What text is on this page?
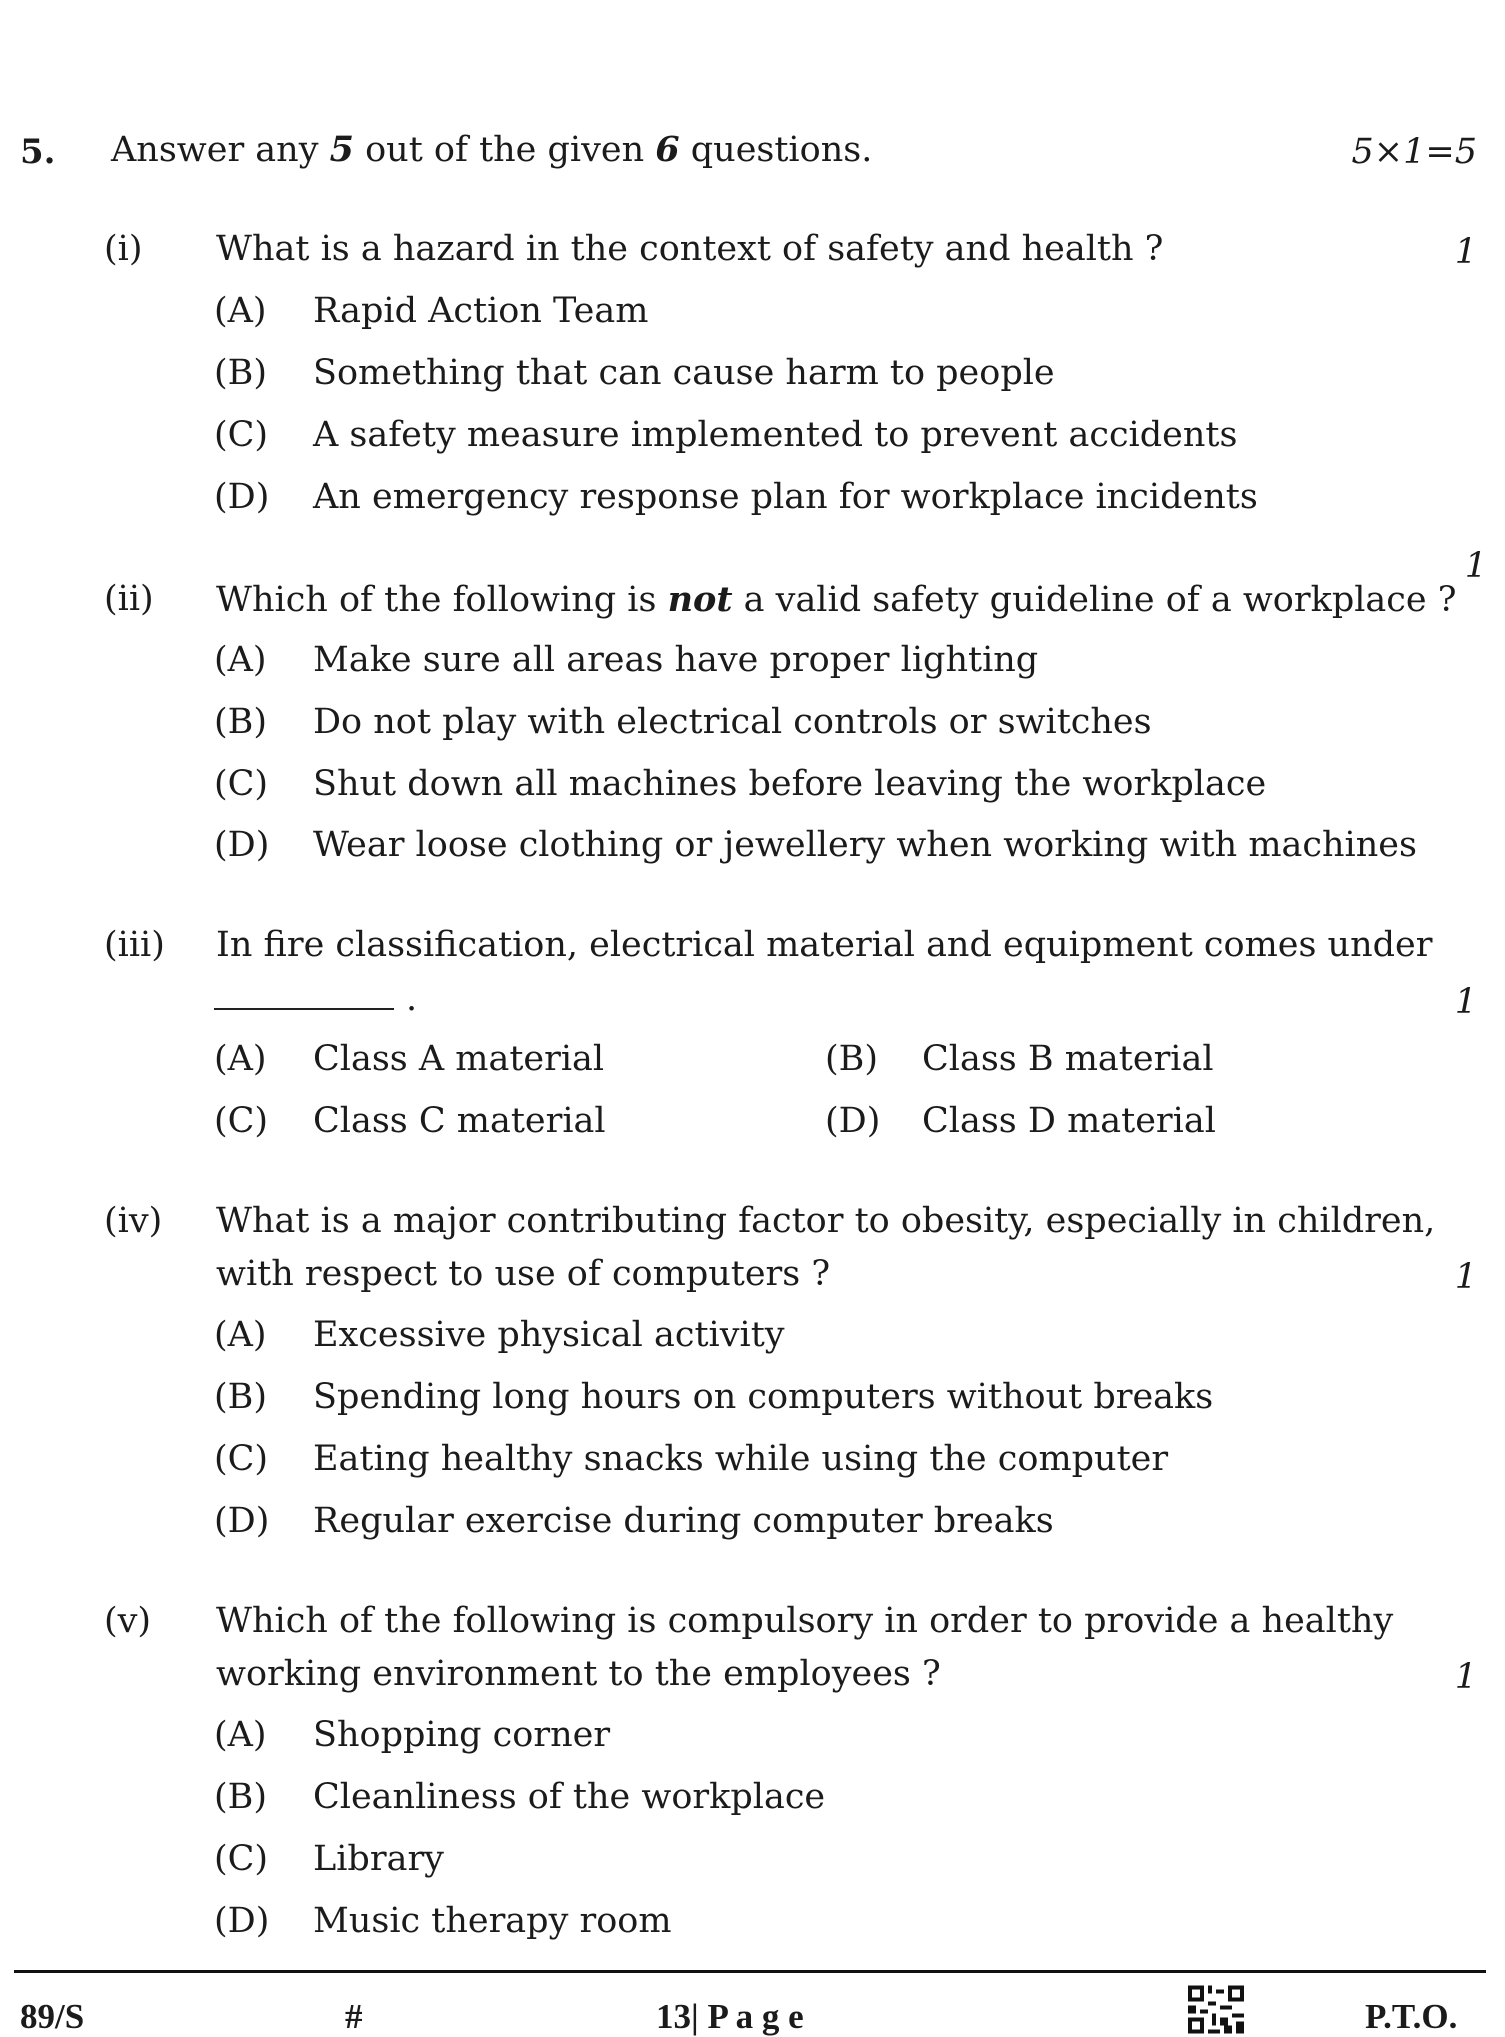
5. Answer any 5 out of the given 6 questions.	5×1=5
(i) What is a hazard in the context of safety and health ?	1
(A) Rapid Action Team
(B) Something that can cause harm to people
(C) A safety measure implemented to prevent accidents
(D) An emergency response plan for workplace incidents
1
(ii) Which of the following is not a valid safety guideline of a workplace ?
(A) Make sure all areas have proper lighting
(B) Do not play with electrical controls or switches
(C) Shut down all machines before leaving the workplace
(D) Wear loose clothing or jewellery when working with machines
(iii) In fire classification, electrical material and equipment comes under
.	1
(A) Class A material	(B) Class B material
(C) Class C material	(D) Class D material
(iv) What is a major contributing factor to obesity, especially in children,
with respect to use of computers ?	1
(A) Excessive physical activity
(B) Spending long hours on computers without breaks
(C) Eating healthy snacks while using the computer
(D) Regular exercise during computer breaks
(v) Which of the following is compulsory in order to provide a healthy
working environment to the employees ?	1
(A) Shopping corner
(B) Cleanliness of the workplace
(C) Library
(D) Music therapy room
89/S	#	13| P a g e	P.T.O.
